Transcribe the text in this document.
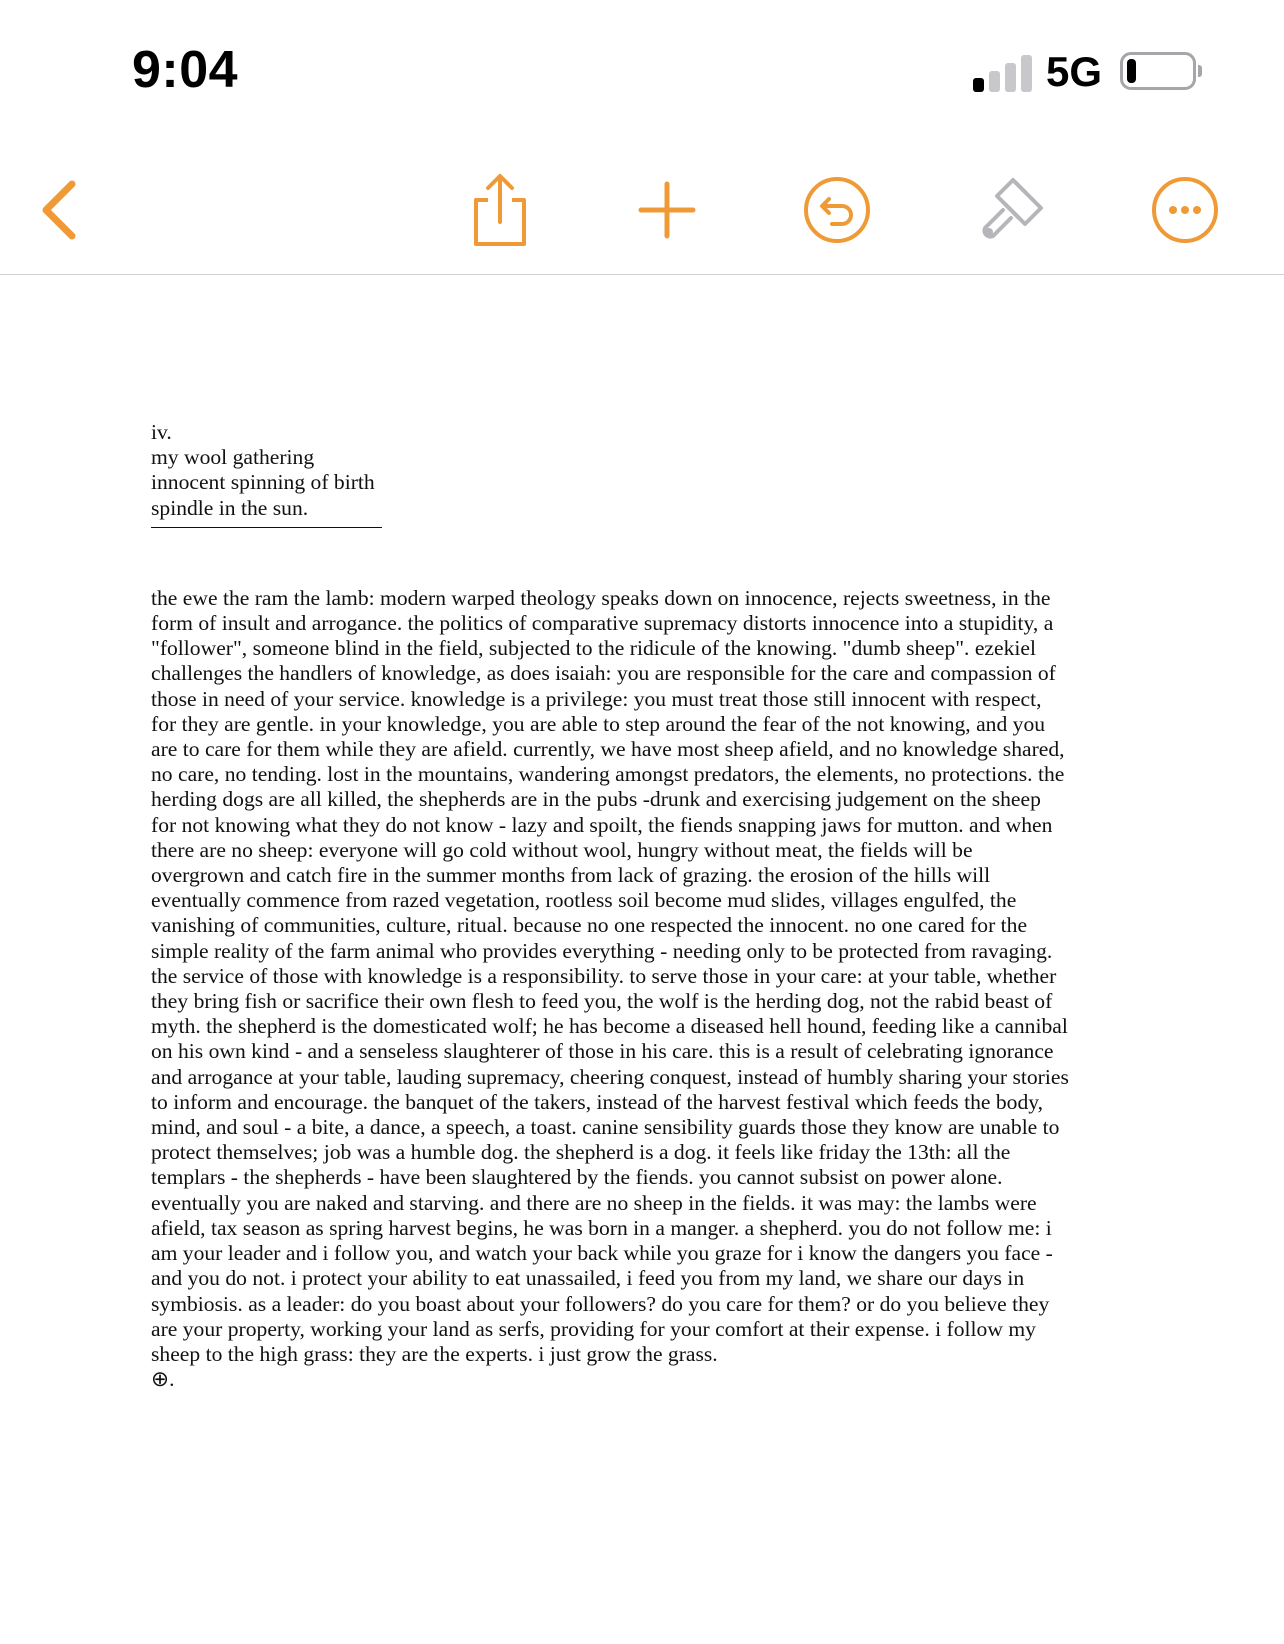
9:04	5G

iv.

my wool gathering
innocent spinning of birth
spindle in the sun.

the ewe the ram the lamb: modern warped theology speaks down on innocence, rejects sweetness, in the
form of insult and arrogance. the politics of comparative supremacy distorts innocence into a stupidity, a
"follower", someone blind in the field, subjected to the ridicule of the knowing. "dumb sheep". ezekiel
challenges the handlers of knowledge, as does isaiah: you are responsible for the care and compassion of
those in need of your service. knowledge is a privilege: you must treat those still innocent with respect,
for they are gentle. in your knowledge, you are able to step around the fear of the not knowing, and you
are to care for them while they are afield. currently, we have most sheep afield, and no knowledge shared,
no care, no tending. lost in the mountains, wandering amongst predators, the elements, no protections. the
herding dogs are all killed, the shepherds are in the pubs -drunk and exercising judgement on the sheep
for not knowing what they do not know - lazy and spoilt, the fiends snapping jaws for mutton. and when
there are no sheep: everyone will go cold without wool, hungry without meat, the fields will be
overgrown and catch fire in the summer months from lack of grazing. the erosion of the hills will
eventually commence from razed vegetation, rootless soil become mud slides, villages engulfed, the
vanishing of communities, culture, ritual. because no one respected the innocent. no one cared for the
simple reality of the farm animal who provides everything - needing only to be protected from ravaging.
the service of those with knowledge is a responsibility. to serve those in your care: at your table, whether
they bring fish or sacrifice their own flesh to feed you, the wolf is the herding dog, not the rabid beast of
myth. the shepherd is the domesticated wolf; he has become a diseased hell hound, feeding like a cannibal
on his own kind - and a senseless slaughterer of those in his care. this is a result of celebrating ignorance
and arrogance at your table, lauding supremacy, cheering conquest, instead of humbly sharing your stories
to inform and encourage. the banquet of the takers, instead of the harvest festival which feeds the body,
mind, and soul - a bite, a dance, a speech, a toast. canine sensibility guards those they know are unable to
protect themselves; job was a humble dog. the shepherd is a dog. it feels like friday the 13th: all the
templars - the shepherds - have been slaughtered by the fiends. you cannot subsist on power alone.
eventually you are naked and starving. and there are no sheep in the fields. it was may: the lambs were
afield, tax season as spring harvest begins, he was born in a manger. a shepherd. you do not follow me: i
am your leader and i follow you, and watch your back while you graze for i know the dangers you face -
and you do not. i protect your ability to eat unassailed, i feed you from my land, we share our days in
symbiosis. as a leader: do you boast about your followers? do you care for them? or do you believe they
are your property, working your land as serfs, providing for your comfort at their expense. i follow my
sheep to the high grass: they are the experts. i just grow the grass.

⊕.
